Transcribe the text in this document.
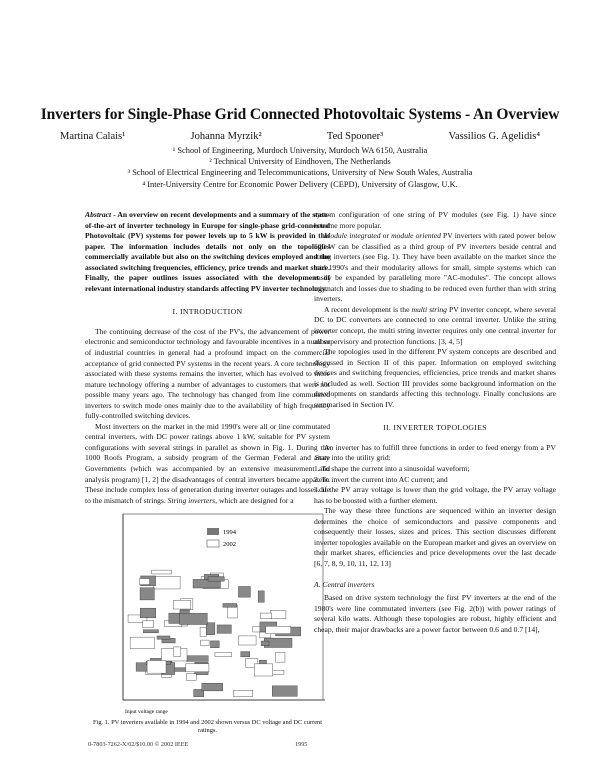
Inverters for Single-Phase Grid Connected Photovoltaic Systems - An Overview
Martina Calais¹	Johanna Myrzik²	Ted Spooner³	Vassilios G. Agelidis⁴
¹ School of Engineering, Murdoch University, Murdoch WA 6150, Australia
² Technical University of Eindhoven, The Netherlands
³ School of Electrical Engineering and Telecommunications, University of New South Wales, Australia
⁴ Inter-University Centre for Economic Power Delivery (CEPD), University of Glasgow, U.K.

Abstract - An overview on recent developments and a summary of the state-of-the-art of inverter technology in Europe for single-phase grid-connected Photovoltaic (PV) systems for power levels up to 5 kW is provided in this paper. The information includes details not only on the topologies commercially available but also on the switching devices employed and the associated switching frequencies, efficiency, price trends and market share. Finally, the paper outlines issues associated with the development of relevant international industry standards affecting PV inverter technology.

I. INTRODUCTION

The continuing decrease of the cost of the PV's, the advancement of power electronic and semiconductor technology and favourable incentives in a number of industrial countries in general had a profound impact on the commercial acceptance of grid connected PV systems in the recent years. A core technology associated with these systems remains the inverter, which has evolved to more mature technology offering a number of advantages to customers that were not possible many years ago. The technology has changed from line commutated inverters to switch mode ones mainly due to the availability of high frequency fully-controlled switching devices.

Most inverters on the market in the mid 1990's were all or line commutated central inverters, with DC power ratings above 1 kW, suitable for PV system configurations with several strings in parallel as shown in Fig. 1. During the 1000 Roofs Program, a subsidy program of the German Federal and State Governments (which was accompanied by an extensive measurement and analysis program) [1, 2] the disadvantages of central inverters became apparent. These include complex loss of generation during inverter outages and losses due to the mismatch of strings. String inverters, which are designed for a

1994
2002
Input voltage range
Fig. 1. PV inverters available in 1994 and 2002 shown versus DC voltage and DC current ratings.

system configuration of one string of PV modules (see Fig. 1) have since become more popular.

Module integrated or module oriented PV inverters with rated power below 500 W can be classified as a third group of PV inverters beside central and string inverters (see Fig. 1). They have been available on the market since the mid 1990's and their modularity allows for small, simple systems which can easily be expanded by paralleling more "AC-modules". The concept allows mismatch and losses due to shading to be reduced even further than with string inverters.

A recent development is the multi string PV inverter concept, where several DC to DC converters are connected to one central inverter. Unlike the string inverter concept, the multi string inverter requires only one central inverter for all supervisory and protection functions. [3, 4, 5]

The topologies used in the different PV system concepts are described and discussed in Section II of this paper. Information on employed switching devices and switching frequencies, efficiencies, price trends and market shares is included as well. Section III provides some background information on the developments on standards affecting this technology. Finally conclusions are summarised in Section IV.

II. INVERTER TOPOLOGIES

An inverter has to fulfill three functions in order to feed energy from a PV array into the utility grid:

1. To shape the current into a sinusoidal waveform;
2. To invert the current into AC current; and
3. if the PV array voltage is lower than the grid voltage, the PV array voltage has to be boosted with a further element.

The way these three functions are sequenced within an inverter design determines the choice of semiconductors and passive components and consequently their losses, sizes and prices. This section discusses different inverter topologies available on the European market and gives an overview on their market shares, efficiencies and price developments over the last decade [6, 7, 8, 9, 10, 11, 12, 13]

A. Central inverters

Based on drive system technology the first PV inverters at the end of the 1980's were line commutated inverters (see Fig. 2(b)) with power ratings of several kilo watts. Although these topologies are robust, highly efficient and cheap, their major drawbacks are a power factor between 0.6 and 0.7 [14],

0-7803-7262-X/02/$10.00 © 2002 IEEE	1995
